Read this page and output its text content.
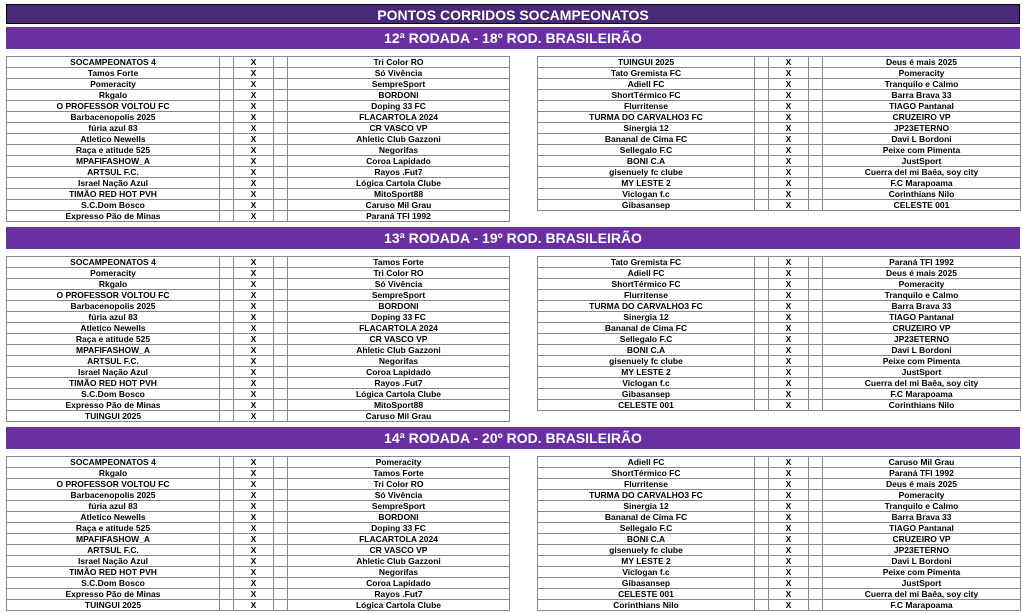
PONTOS CORRIDOS SOCAMPEONATOS
12ª RODADA - 18º ROD. BRASILEIRÃO
SOCAMPEONATOS 4		X		Tri Color RO
Tamos Forte		X		Só Vivência
Pomeracity		X		SempreSport
Rkgalo		X		BORDONI
O PROFESSOR VOLTOU FC		X		Doping 33 FC
Barbacenopolis 2025		X		FLACARTOLA 2024
fúria azul 83		X		CR VASCO VP
Atletico Newells		X		Ahletic Club Gazzoni
Raça e atitude 525		X		Negorifas
MPAFIFASHOW_A		X		Coroa Lapidado
ARTSUL F.C.		X		Rayos .Fut7
Israel Nação Azul		X		Lógica Cartola Clube
TIMÃO RED HOT PVH		X		MitoSport88
S.C.Dom Bosco		X		Caruso Mil Grau
Expresso Pão de Minas		X		Paraná TFI 1992
TUINGUI 2025		X		Deus é mais 2025
Tato Gremista FC		X		Pomeracity
Adiell FC		X		Tranquilo e Calmo
ShortTérmico FC		X		Barra Brava 33
Flurritense		X		TIAGO Pantanal
TURMA DO CARVALHO3 FC		X		CRUZEIRO VP
Sinergia 12		X		JP23ETERNO
Bananal de Cima FC		X		Davi L Bordoni
Sellegalo F.C		X		Peixe com Pimenta
BONI C.A		X		JustSport
gisenuely fc clube		X		Cuerra del mi Baêa, soy city
MY LESTE 2		X		F.C Marapoama
Viclogan f.c		X		Corinthians Nilo
Gibasansep		X		CELESTE 001
13ª RODADA - 19º ROD. BRASILEIRÃO
SOCAMPEONATOS 4		X		Tamos Forte
Pomeracity		X		Tri Color RO
Rkgalo		X		Só Vivência
O PROFESSOR VOLTOU FC		X		SempreSport
Barbacenopolis 2025		X		BORDONI
fúria azul 83		X		Doping 33 FC
Atletico Newells		X		FLACARTOLA 2024
Raça e atitude 525		X		CR VASCO VP
MPAFIFASHOW_A		X		Ahletic Club Gazzoni
ARTSUL F.C.		X		Negorifas
Israel Nação Azul		X		Coroa Lapidado
TIMÃO RED HOT PVH		X		Rayos .Fut7
S.C.Dom Bosco		X		Lógica Cartola Clube
Expresso Pão de Minas		X		MitoSport88
TUINGUI 2025		X		Caruso Mil Grau
Tato Gremista FC		X		Paraná TFI 1992
Adiell FC		X		Deus é mais 2025
ShortTérmico FC		X		Pomeracity
Flurritense		X		Tranquilo e Calmo
TURMA DO CARVALHO3 FC		X		Barra Brava 33
Sinergia 12		X		TIAGO Pantanal
Bananal de Cima FC		X		CRUZEIRO VP
Sellegalo F.C		X		JP23ETERNO
BONI C.A		X		Davi L Bordoni
gisenuely fc clube		X		Peixe com Pimenta
MY LESTE 2		X		JustSport
Viclogan f.c		X		Cuerra del mi Baêa, soy city
Gibasansep		X		F.C Marapoama
CELESTE 001		X		Corinthians Nilo
14ª RODADA - 20º ROD. BRASILEIRÃO
SOCAMPEONATOS 4		X		Pomeracity
Rkgalo		X		Tamos Forte
O PROFESSOR VOLTOU FC		X		Tri Color RO
Barbacenopolis 2025		X		Só Vivência
fúria azul 83		X		SempreSport
Atletico Newells		X		BORDONI
Raça e atitude 525		X		Doping 33 FC
MPAFIFASHOW_A		X		FLACARTOLA 2024
ARTSUL F.C.		X		CR VASCO VP
Israel Nação Azul		X		Ahletic Club Gazzoni
TIMÃO RED HOT PVH		X		Negorifas
S.C.Dom Bosco		X		Coroa Lapidado
Expresso Pão de Minas		X		Rayos .Fut7
TUINGUI 2025		X		Lógica Cartola Clube
Adiell FC		X		Caruso Mil Grau
ShortTérmico FC		X		Paraná TFI 1992
Flurritense		X		Deus é mais 2025
TURMA DO CARVALHO3 FC		X		Pomeracity
Sinergia 12		X		Tranquilo e Calmo
Bananal de Cima FC		X		Barra Brava 33
Sellegalo F.C		X		TIAGO Pantanal
BONI C.A		X		CRUZEIRO VP
gisenuely fc clube		X		JP23ETERNO
MY LESTE 2		X		Davi L Bordoni
Viclogan f.c		X		Peixe com Pimenta
Gibasansep		X		JustSport
CELESTE 001		X		Cuerra del mi Baêa, soy city
Corinthians Nilo		X		F.C Marapoama
